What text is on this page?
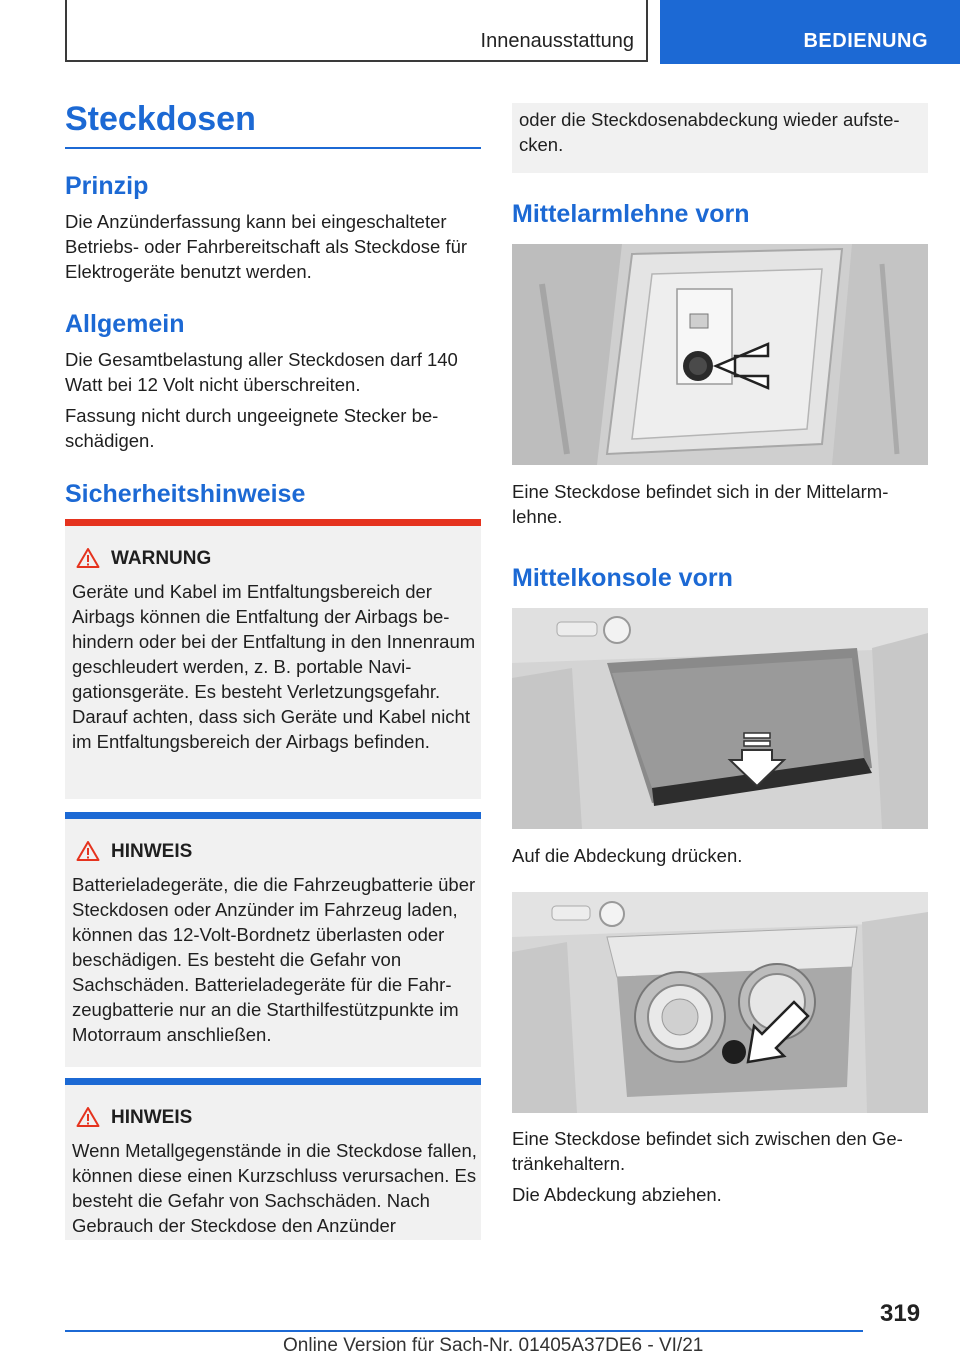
Innenausstattung	BEDIENUNG
Steckdosen
Prinzip

Die Anzünderfassung kann bei eingeschalteter Betriebs- oder Fahrbereitschaft als Steckdose für Elektrogeräte benutzt werden.

Allgemein

Die Gesamtbelastung aller Steckdosen darf 140 Watt bei 12 Volt nicht überschreiten.

Fassung nicht durch ungeeignete Stecker beschädigen.

Sicherheitshinweise
WARNUNG

Geräte und Kabel im Entfaltungsbereich der Airbags können die Entfaltung der Airbags behindern oder bei der Entfaltung in den Innenraum geschleudert werden, z. B. portable Navigationsgeräte. Es besteht Verletzungsgefahr. Darauf achten, dass sich Geräte und Kabel nicht im Entfaltungsbereich der Airbags befinden.

HINWEIS

Batterieladegeräte, die die Fahrzeugbatterie über Steckdosen oder Anzünder im Fahrzeug laden, können das 12-Volt-Bordnetz überlasten oder beschädigen. Es besteht die Gefahr von Sachschäden. Batterieladegeräte für die Fahrzeugbatterie nur an die Starthilfestützpunkte im Motorraum anschließen.

HINWEIS

Wenn Metallgegenstände in die Steckdose fallen, können diese einen Kurzschluss verursachen. Es besteht die Gefahr von Sachschäden. Nach Gebrauch der Steckdose den Anzünder

oder die Steckdosenabdeckung wieder aufstecken.

Mittelarmlehne vorn

Eine Steckdose befindet sich in der Mittelarmlehne.

Mittelkonsole vorn

Auf die Abdeckung drücken.

Eine Steckdose befindet sich zwischen den Getränkehaltern.

Die Abdeckung abziehen.

319
Online Version für Sach-Nr. 01405A37DE6 - VI/21
